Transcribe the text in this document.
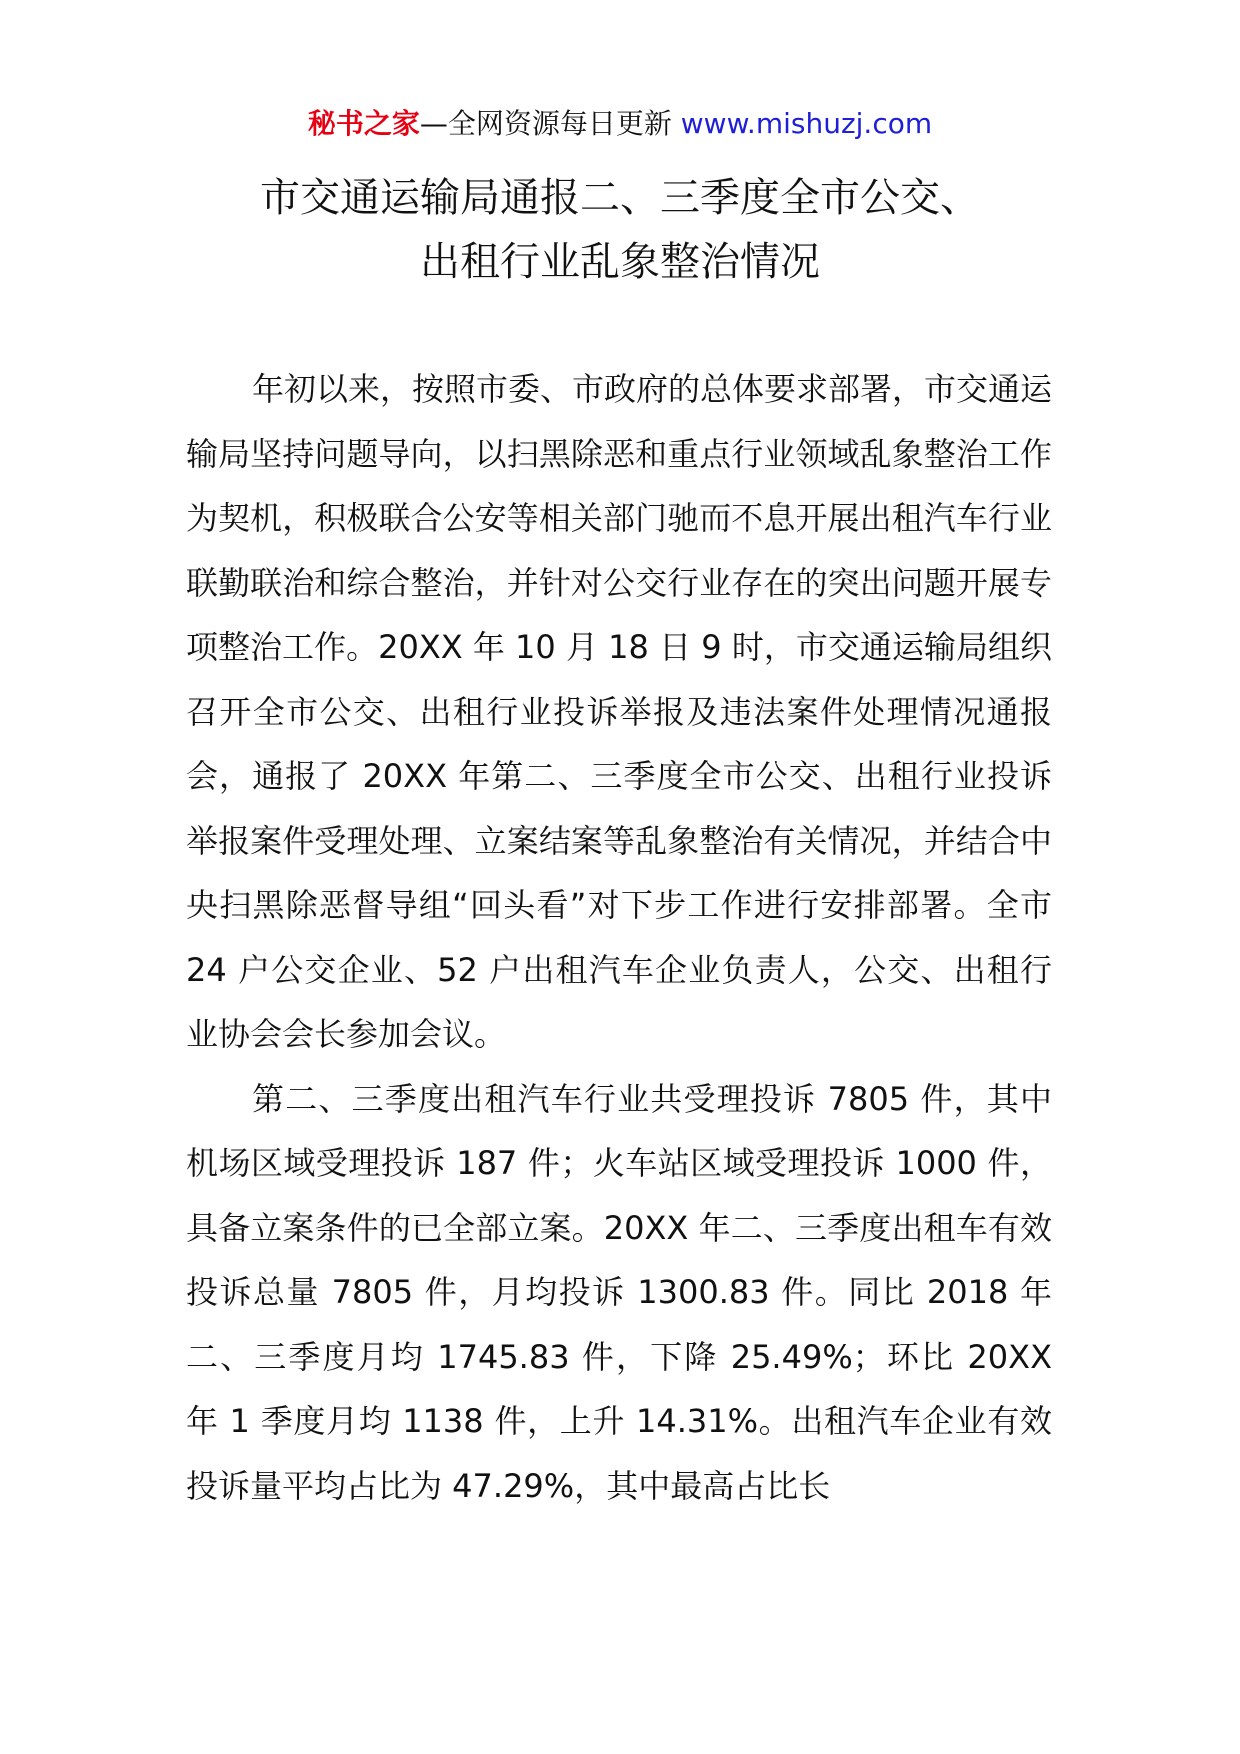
秘书之家—全网资源每日更新 www.mishuzj.com
市交通运输局通报二、三季度全市公交、
出租行业乱象整治情况

年初以来，按照市委、市政府的总体要求部署，市交通运输局坚持问题导向，以扫黑除恶和重点行业领域乱象整治工作为契机，积极联合公安等相关部门驰而不息开展出租汽车行业联勤联治和综合整治，并针对公交行业存在的突出问题开展专项整治工作。20XX 年 10 月 18 日 9 时，市交通运输局组织召开全市公交、出租行业投诉举报及违法案件处理情况通报会，通报了 20XX 年第二、三季度全市公交、出租行业投诉举报案件受理处理、立案结案等乱象整治有关情况，并结合中央扫黑除恶督导组“回头看”对下步工作进行安排部署。全市 24 户公交企业、52 户出租汽车企业负责人，公交、出租行业协会会长参加会议。

第二、三季度出租汽车行业共受理投诉 7805 件，其中机场区域受理投诉 187 件；火车站区域受理投诉 1000 件，具备立案条件的已全部立案。20XX 年二、三季度出租车有效投诉总量 7805 件，月均投诉 1300.83 件。同比 2018 年二、三季度月均 1745.83 件，下降 25.49%；环比 20XX 年 1 季度月均 1138 件，上升 14.31%。出租汽车企业有效投诉量平均占比为 47.29%，其中最高占比长
